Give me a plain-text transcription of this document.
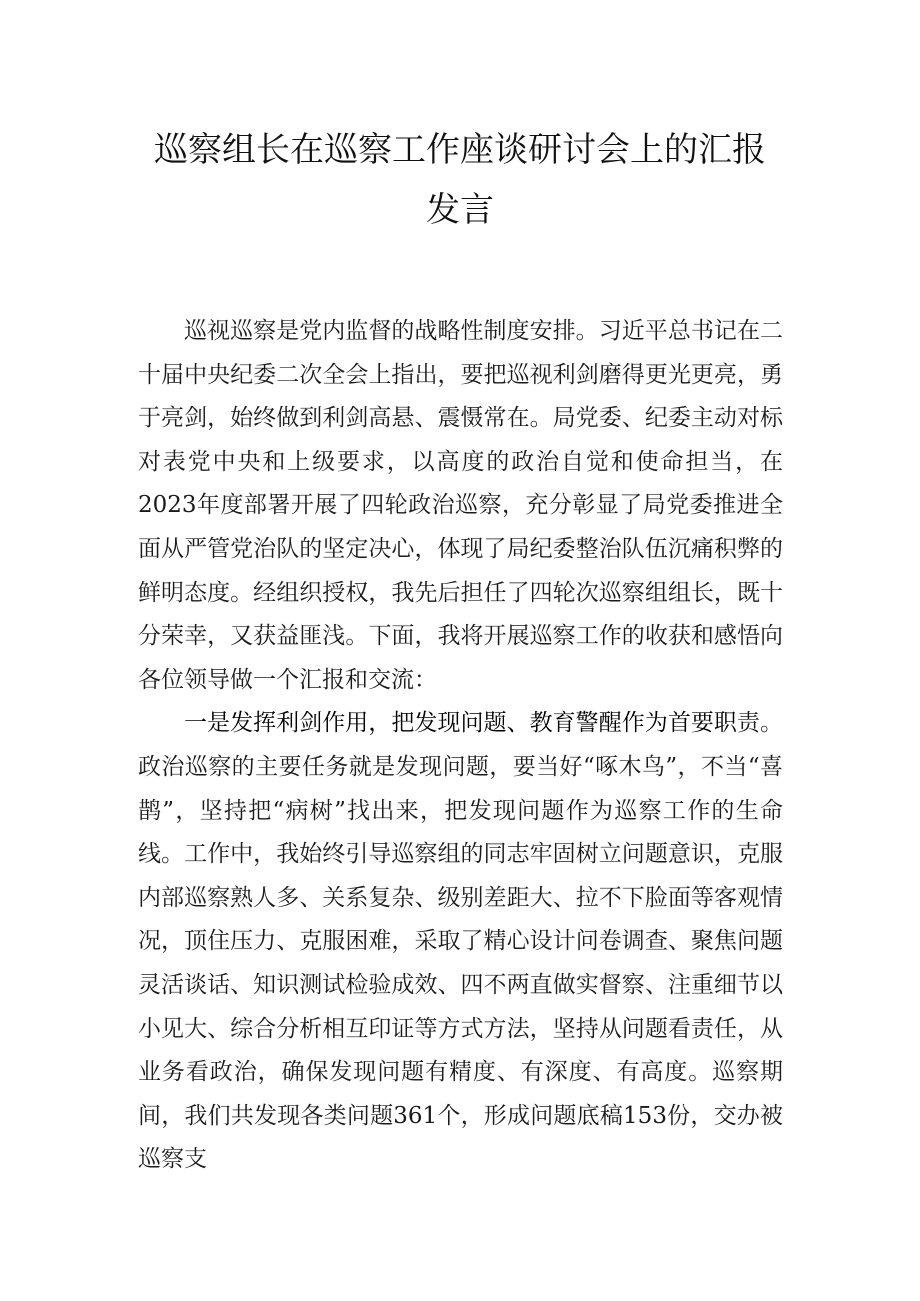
巡察组长在巡察工作座谈研讨会上的汇报
发言

巡视巡察是党内监督的战略性制度安排。习近平总书记在二十届中央纪委二次全会上指出，要把巡视利剑磨得更光更亮，勇于亮剑，始终做到利剑高悬、震慑常在。局党委、纪委主动对标对表党中央和上级要求，以高度的政治自觉和使命担当，在2023年度部署开展了四轮政治巡察，充分彰显了局党委推进全面从严管党治队的坚定决心，体现了局纪委整治队伍沉痛积弊的鲜明态度。经组织授权，我先后担任了四轮次巡察组组长，既十分荣幸，又获益匪浅。下面，我将开展巡察工作的收获和感悟向各位领导做一个汇报和交流：

一是发挥利剑作用，把发现问题、教育警醒作为首要职责。政治巡察的主要任务就是发现问题，要当好“啄木鸟”，不当“喜鹊”，坚持把“病树”找出来，把发现问题作为巡察工作的生命线。工作中，我始终引导巡察组的同志牢固树立问题意识，克服内部巡察熟人多、关系复杂、级别差距大、拉不下脸面等客观情况，顶住压力、克服困难，采取了精心设计问卷调查、聚焦问题灵活谈话、知识测试检验成效、四不两直做实督察、注重细节以小见大、综合分析相互印证等方式方法，坚持从问题看责任，从业务看政治，确保发现问题有精度、有深度、有高度。巡察期间，我们共发现各类问题361个，形成问题底稿153份，交办被巡察支
